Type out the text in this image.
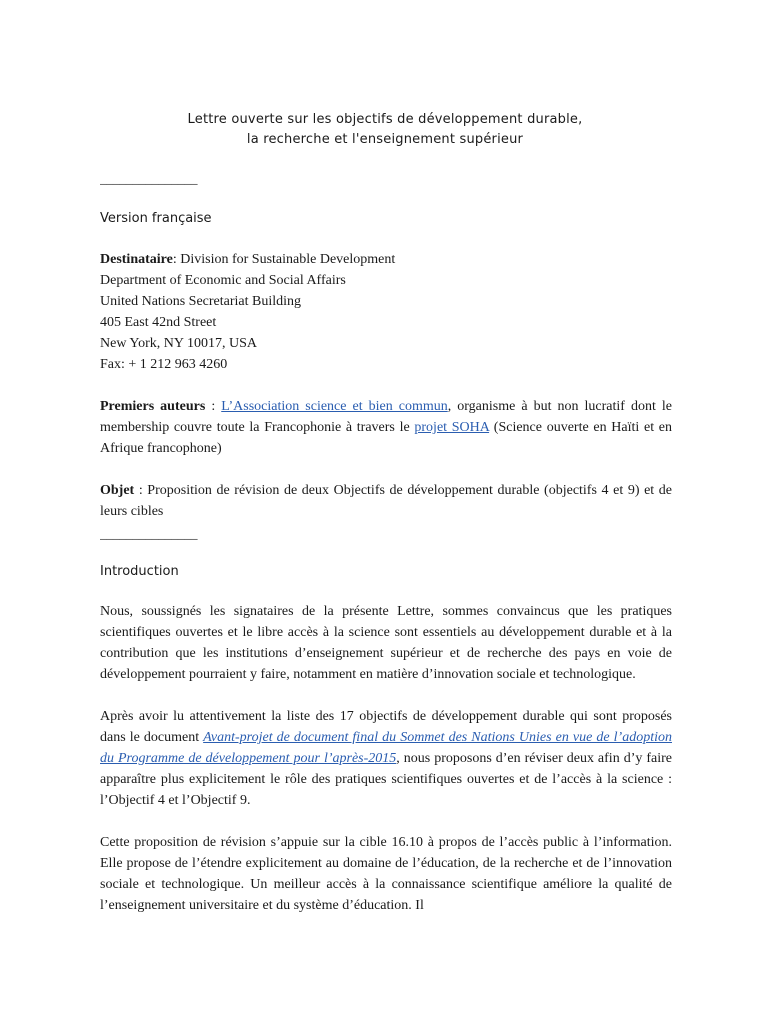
Lettre ouverte sur les objectifs de développement durable,
la recherche et l'enseignement supérieur
_______________
Version française
Destinataire: Division for Sustainable Development
Department of Economic and Social Affairs
United Nations Secretariat Building
405 East 42nd Street
New York, NY 10017, USA
Fax: + 1 212 963 4260
Premiers auteurs : L’Association science et bien commun, organisme à but non lucratif dont le membership couvre toute la Francophonie à travers le projet SOHA (Science ouverte en Haïti et en Afrique francophone)
Objet : Proposition de révision de deux Objectifs de développement durable (objectifs 4 et 9) et de leurs cibles
_______________
Introduction
Nous, soussignés les signataires de la présente Lettre, sommes convaincus que les pratiques scientifiques ouvertes et le libre accès à la science sont essentiels au développement durable et à la contribution que les institutions d’enseignement supérieur et de recherche des pays en voie de développement pourraient y faire, notamment en matière d’innovation sociale et technologique.
Après avoir lu attentivement la liste des 17 objectifs de développement durable qui sont proposés dans le document Avant-projet de document final du Sommet des Nations Unies en vue de l’adoption du Programme de développement pour l’après-2015, nous proposons d’en réviser deux afin d’y faire apparaître plus explicitement le rôle des pratiques scientifiques ouvertes et de l’accès à la science : l’Objectif 4 et l’Objectif 9.
Cette proposition de révision s’appuie sur la cible 16.10 à propos de l’accès public à l’information. Elle propose de l’étendre explicitement au domaine de l’éducation, de la recherche et de l’innovation sociale et technologique. Un meilleur accès à la connaissance scientifique améliore la qualité de l’enseignement universitaire et du système d’éducation. Il
